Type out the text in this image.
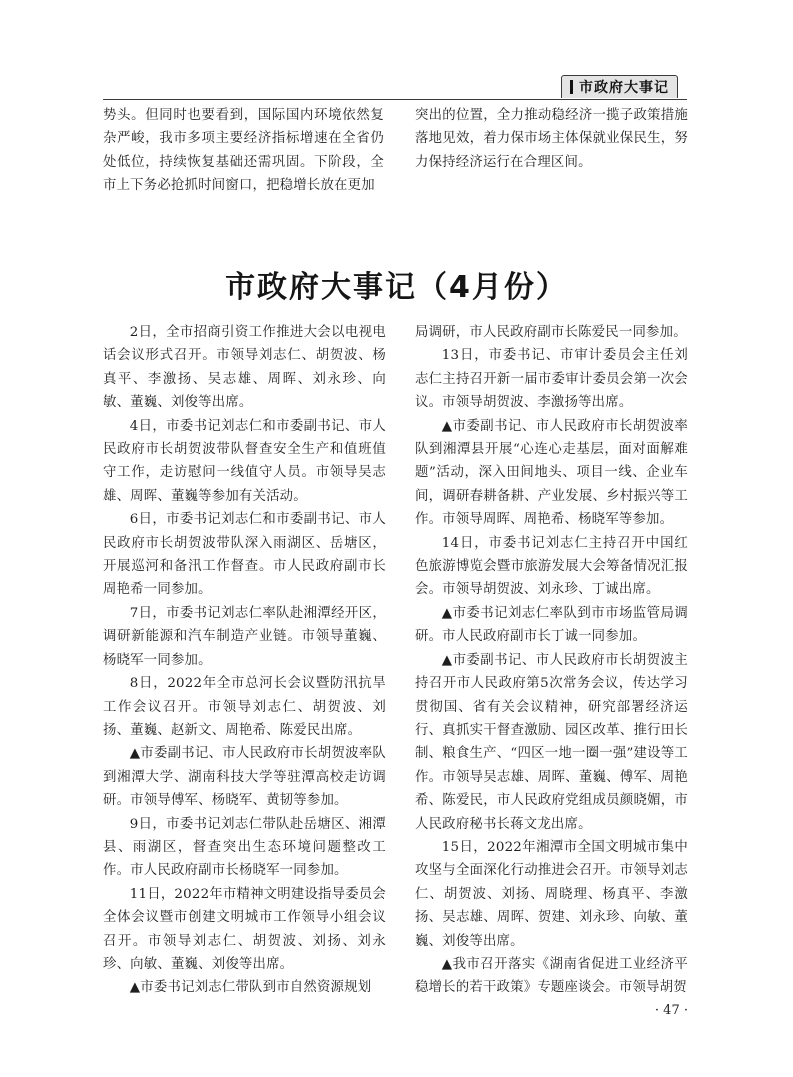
市政府大事记

势头。但同时也要看到，国际国内环境依然复杂严峻，我市多项主要经济指标增速在全省仍处低位，持续恢复基础还需巩固。下阶段，全市上下务必抢抓时间窗口，把稳增长放在更加

突出的位置，全力推动稳经济一揽子政策措施落地见效，着力保市场主体保就业保民生，努力保持经济运行在合理区间。

市政府大事记（4月份）

2日，全市招商引资工作推进大会以电视电话会议形式召开。市领导刘志仁、胡贺波、杨真平、李激扬、吴志雄、周晖、刘永珍、向敏、董巍、刘俊等出席。

4日，市委书记刘志仁和市委副书记、市人民政府市长胡贺波带队督查安全生产和值班值守工作，走访慰问一线值守人员。市领导吴志雄、周晖、董巍等参加有关活动。

6日，市委书记刘志仁和市委副书记、市人民政府市长胡贺波带队深入雨湖区、岳塘区，开展巡河和备汛工作督查。市人民政府副市长周艳希一同参加。

7日，市委书记刘志仁率队赴湘潭经开区，调研新能源和汽车制造产业链。市领导董巍、杨晓军一同参加。

8日，2022年全市总河长会议暨防汛抗旱工作会议召开。市领导刘志仁、胡贺波、刘扬、董巍、赵新文、周艳希、陈爱民出席。

▲市委副书记、市人民政府市长胡贺波率队到湘潭大学、湖南科技大学等驻潭高校走访调研。市领导傅军、杨晓军、黄韧等参加。

9日，市委书记刘志仁带队赴岳塘区、湘潭县、雨湖区，督查突出生态环境问题整改工作。市人民政府副市长杨晓军一同参加。

11日，2022年市精神文明建设指导委员会全体会议暨市创建文明城市工作领导小组会议召开。市领导刘志仁、胡贺波、刘扬、刘永珍、向敏、董巍、刘俊等出席。

▲市委书记刘志仁带队到市自然资源规划

局调研，市人民政府副市长陈爱民一同参加。

13日，市委书记、市审计委员会主任刘志仁主持召开新一届市委审计委员会第一次会议。市领导胡贺波、李激扬等出席。

▲市委副书记、市人民政府市长胡贺波率队到湘潭县开展“心连心走基层，面对面解难题”活动，深入田间地头、项目一线、企业车间，调研春耕备耕、产业发展、乡村振兴等工作。市领导周晖、周艳希、杨晓军等参加。

14日，市委书记刘志仁主持召开中国红色旅游博览会暨市旅游发展大会筹备情况汇报会。市领导胡贺波、刘永珍、丁诚出席。

▲市委书记刘志仁率队到市市场监管局调研。市人民政府副市长丁诚一同参加。

▲市委副书记、市人民政府市长胡贺波主持召开市人民政府第5次常务会议，传达学习贯彻国、省有关会议精神，研究部署经济运行、真抓实干督查激励、园区改革、推行田长制、粮食生产、“四区一地一圈一强”建设等工作。市领导吴志雄、周晖、董巍、傅军、周艳希、陈爱民，市人民政府党组成员颜晓媚，市人民政府秘书长蒋文龙出席。

15日，2022年湘潭市全国文明城市集中攻坚与全面深化行动推进会召开。市领导刘志仁、胡贺波、刘扬、周晓理、杨真平、李激扬、吴志雄、周晖、贺建、刘永珍、向敏、董巍、刘俊等出席。

▲我市召开落实《湖南省促进工业经济平稳增长的若干政策》专题座谈会。市领导胡贺

· 47 ·
